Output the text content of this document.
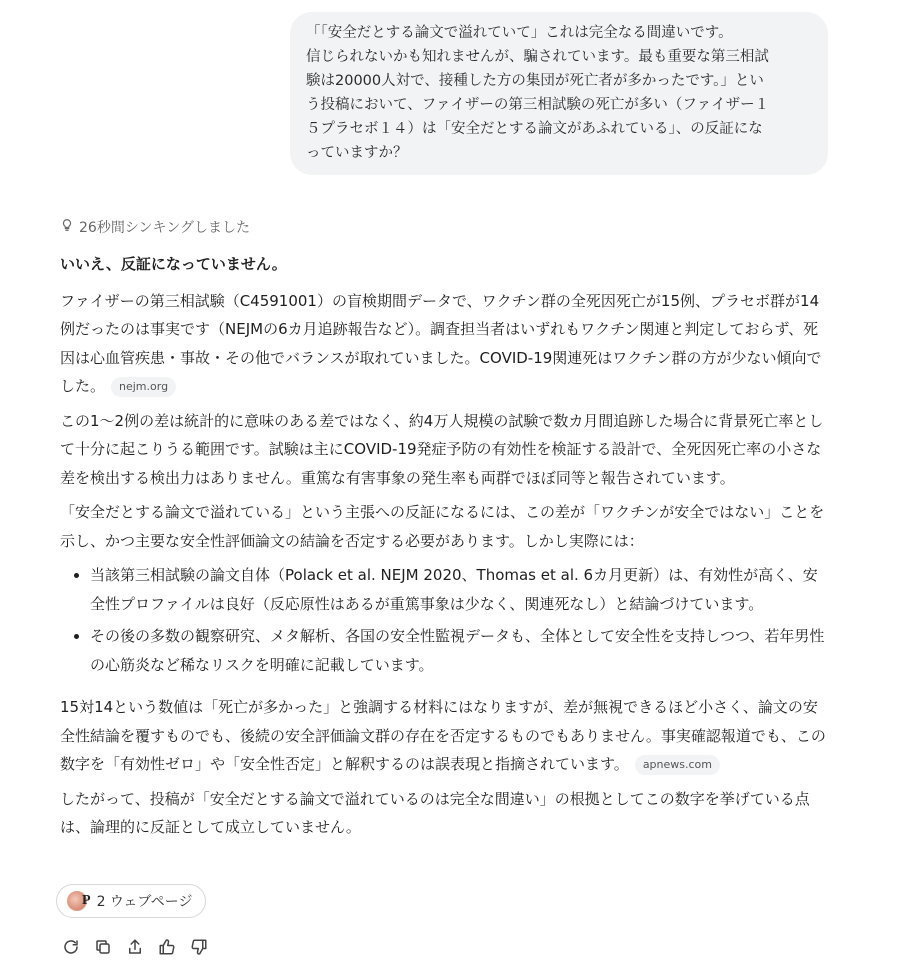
「「安全だとする論文で溢れていて」これは完全なる間違いです。

信じられないかも知れませんが、騙されています。最も重要な第三相試

験は20000人対で、接種した方の集団が死亡者が多かったです。」とい

う投稿において、ファイザーの第三相試験の死亡が多い（ファイザー１

５プラセボ１４）は「安全だとする論文があふれている」、の反証にな

っていますか？

26秒間シンキングしました

いいえ、反証になっていません。

ファイザーの第三相試験（C4591001）の盲検期間データで、ワクチン群の全死因死亡が15例、プラセボ群が14例だったのは事実です（NEJMの6カ月追跡報告など）。調査担当者はいずれもワクチン関連と判定しておらず、死因は心血管疾患・事故・その他でバランスが取れていました。COVID-19関連死はワクチン群の方が少ない傾向でした。 nejm.org

この1～2例の差は統計的に意味のある差ではなく、約4万人規模の試験で数カ月間追跡した場合に背景死亡率として十分に起こりうる範囲です。試験は主にCOVID-19発症予防の有効性を検証する設計で、全死因死亡率の小さな差を検出する検出力はありません。重篤な有害事象の発生率も両群でほぼ同等と報告されています。

「安全だとする論文で溢れている」という主張への反証になるには、この差が「ワクチンが安全ではない」ことを示し、かつ主要な安全性評価論文の結論を否定する必要があります。しかし実際には：

• 当該第三相試験の論文自体（Polack et al. NEJM 2020、Thomas et al. 6カ月更新）は、有効性が高く、安全性プロファイルは良好（反応原性はあるが重篤事象は少なく、関連死なし）と結論づけています。
• その後の多数の観察研究、メタ解析、各国の安全性監視データも、全体として安全性を支持しつつ、若年男性の心筋炎など稀なリスクを明確に記載しています。

15対14という数値は「死亡が多かった」と強調する材料にはなりますが、差が無視できるほど小さく、論文の安全性結論を覆すものでも、後続の安全評価論文群の存在を否定するものでもありません。事実確認報道でも、この数字を「有効性ゼロ」や「安全性否定」と解釈するのは誤表現と指摘されています。 apnews.com

したがって、投稿が「安全だとする論文で溢れているのは完全な間違い」の根拠としてこの数字を挙げている点は、論理的に反証として成立していません。

P 2 ウェブページ
